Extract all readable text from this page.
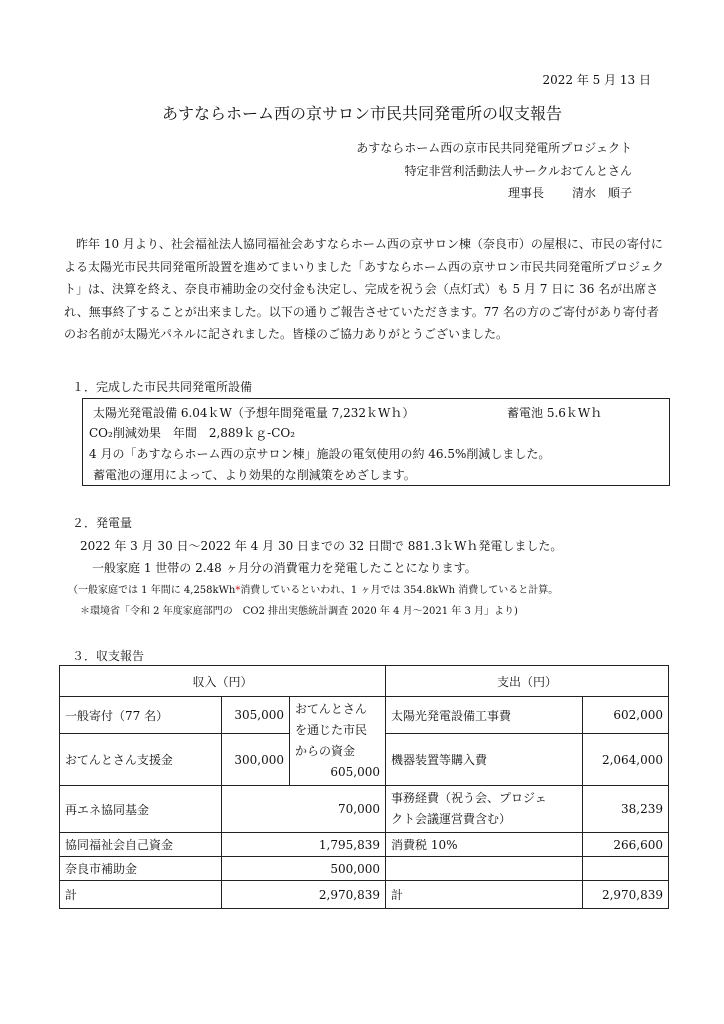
2022 年 5 月 13 日
あすならホーム西の京サロン市民共同発電所の収支報告
あすならホーム西の京市民共同発電所プロジェクト
特定非営利活動法人サークルおてんとさん
理事長 清水　順子

昨年 10 月より、社会福祉法人協同福祉会あすならホーム西の京サロン棟（奈良市）の屋根に、市民の寄付による太陽光市民共同発電所設置を進めてまいりました「あすならホーム西の京サロン市民共同発電所プロジェクト」は、決算を終え、奈良市補助金の交付金も決定し、完成を祝う会（点灯式）も 5 月 7 日に 36 名が出席され、無事終了することが出来ました。以下の通りご報告させていただきます。77 名の方のご寄付があり寄付者のお名前が太陽光パネルに記されました。皆様のご協力ありがとうございました。

１．完成した市民共同発電所設備
太陽光発電設備 6.04ｋW（予想年間発電量 7,232ｋWｈ）	蓄電池 5.6ｋWｈ
CO₂削減効果　年間　2,889ｋｇ-CO₂
4 月の「あすならホーム西の京サロン棟」施設の電気使用の約 46.5%削減しました。
蓄電池の運用によって、より効果的な削減策をめざします。
２．発電量
2022 年 3 月 30 日～2022 年 4 月 30 日までの 32 日間で 881.3ｋWｈ発電しました。
一般家庭 1 世帯の 2.48 ヶ月分の消費電力を発電したことになります。
（一般家庭では 1 年間に 4,258kWh*消費しているといわれ、1 ヶ月では 354.8kWh 消費していると計算。
＊環境省「令和 2 年度家庭部門の　CO2 排出実態統計調査 2020 年 4 月～2021 年 3 月」より)
３．収支報告
収入（円）			支出（円）	
一般寄付（77 名）	305,000	おてんとさん
を通じた市民
からの資金
605,000	太陽光発電設備工事費	602,000
おてんとさん支援金	300,000		機器装置等購入費	2,064,000
再エネ協同基金	70,000		事務経費（祝う会、プロジェ
クト会議運営費含む）	38,239
協同福祉会自己資金	1,795,839		消費税 10%	266,600
奈良市補助金	500,000			
計	2,970,839		計	2,970,839
